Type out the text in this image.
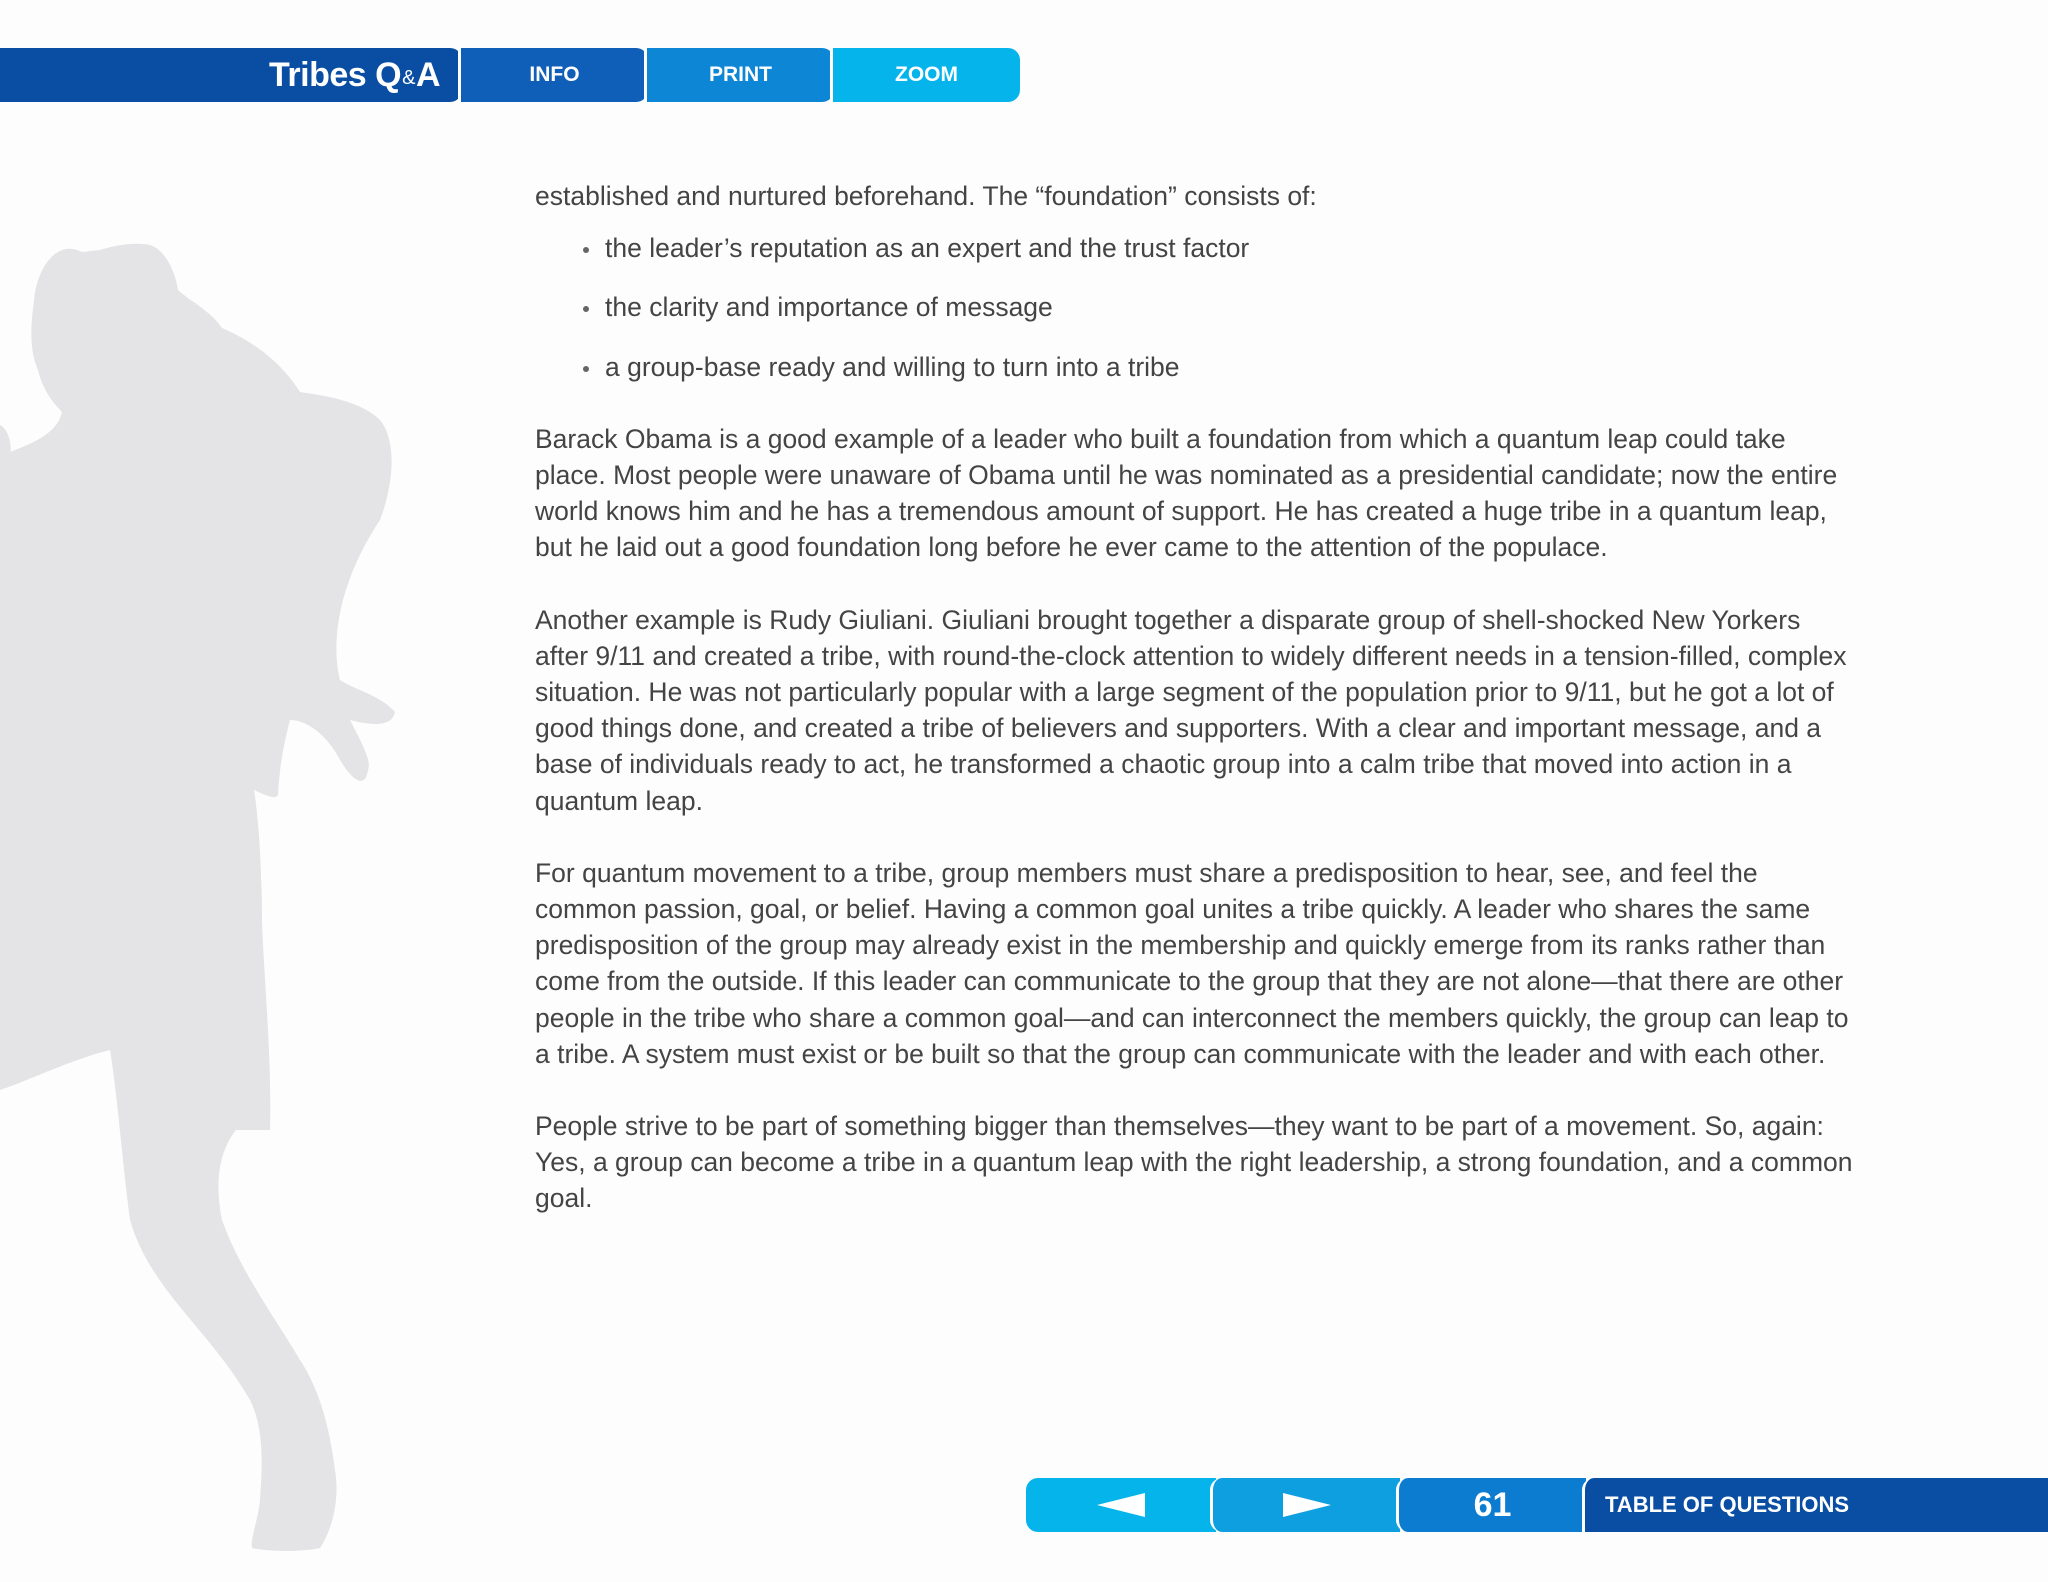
Tribes Q & A	INFO	PRINT	ZOOM

established and nurtured beforehand. The “foundation” consists of:

the leader’s reputation as an expert and the trust factor
the clarity and importance of message
a group-base ready and willing to turn into a tribe

Barack Obama is a good example of a leader who built a foundation from which a quantum leap could take place. Most people were unaware of Obama until he was nominated as a presidential candidate; now the entire world knows him and he has a tremendous amount of support. He has created a huge tribe in a quantum leap, but he laid out a good foundation long before he ever came to the attention of the populace.

Another example is Rudy Giuliani. Giuliani brought together a disparate group of shell-shocked New Yorkers after 9/11 and created a tribe, with round-the-clock attention to widely different needs in a tension-filled, complex situation. He was not particularly popular with a large segment of the population prior to 9/11, but he got a lot of good things done, and created a tribe of believers and supporters. With a clear and important message, and a base of individuals ready to act, he transformed a chaotic group into a calm tribe that moved into action in a quantum leap.

For quantum movement to a tribe, group members must share a predisposition to hear, see, and feel the common passion, goal, or belief. Having a common goal unites a tribe quickly. A leader who shares the same predisposition of the group may already exist in the membership and quickly emerge from its ranks rather than come from the outside. If this leader can communicate to the group that they are not alone—that there are other people in the tribe who share a common goal—and can interconnect the members quickly, the group can leap to a tribe. A system must exist or be built so that the group can communicate with the leader and with each other.

People strive to be part of something bigger than themselves—they want to be part of a movement. So, again: Yes, a group can become a tribe in a quantum leap with the right leadership, a strong foundation, and a common goal.

61	TABLE OF QUESTIONS
